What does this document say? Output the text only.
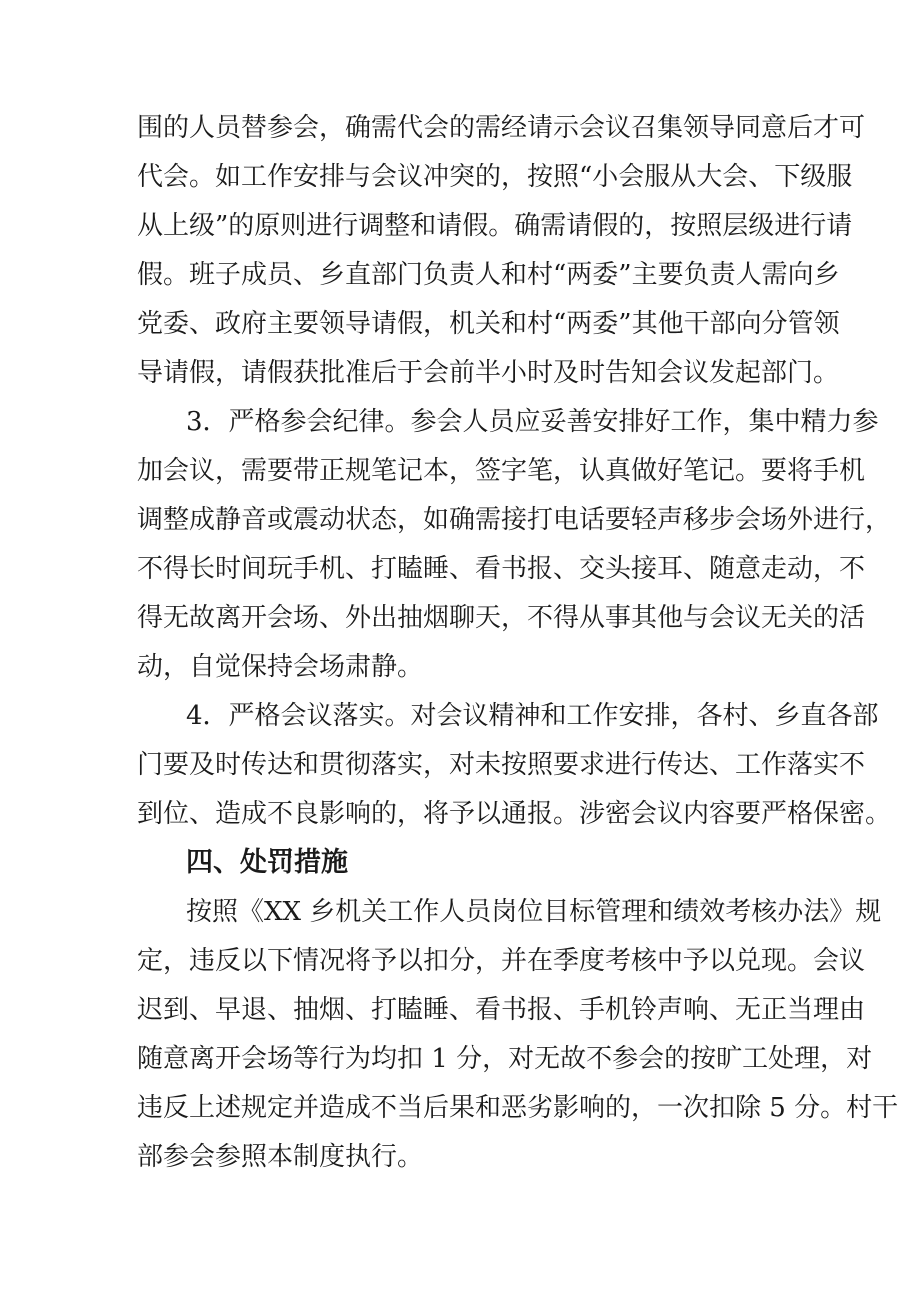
围的人员替参会，确需代会的需经请示会议召集领导同意后才可
代会。如工作安排与会议冲突的，按照“小会服从大会、下级服
从上级”的原则进行调整和请假。确需请假的，按照层级进行请
假。班子成员、乡直部门负责人和村“两委”主要负责人需向乡
党委、政府主要领导请假，机关和村“两委”其他干部向分管领
导请假，请假获批准后于会前半小时及时告知会议发起部门。
3．严格参会纪律。参会人员应妥善安排好工作，集中精力参
加会议，需要带正规笔记本，签字笔，认真做好笔记。要将手机
调整成静音或震动状态，如确需接打电话要轻声移步会场外进行，
不得长时间玩手机、打瞌睡、看书报、交头接耳、随意走动，不
得无故离开会场、外出抽烟聊天，不得从事其他与会议无关的活
动，自觉保持会场肃静。
4．严格会议落实。对会议精神和工作安排，各村、乡直各部
门要及时传达和贯彻落实，对未按照要求进行传达、工作落实不
到位、造成不良影响的，将予以通报。涉密会议内容要严格保密。
四、处罚措施
按照《XX 乡机关工作人员岗位目标管理和绩效考核办法》规
定，违反以下情况将予以扣分，并在季度考核中予以兑现。会议
迟到、早退、抽烟、打瞌睡、看书报、手机铃声响、无正当理由
随意离开会场等行为均扣 1 分，对无故不参会的按旷工处理，对
违反上述规定并造成不当后果和恶劣影响的，一次扣除 5 分。村干
部参会参照本制度执行。
